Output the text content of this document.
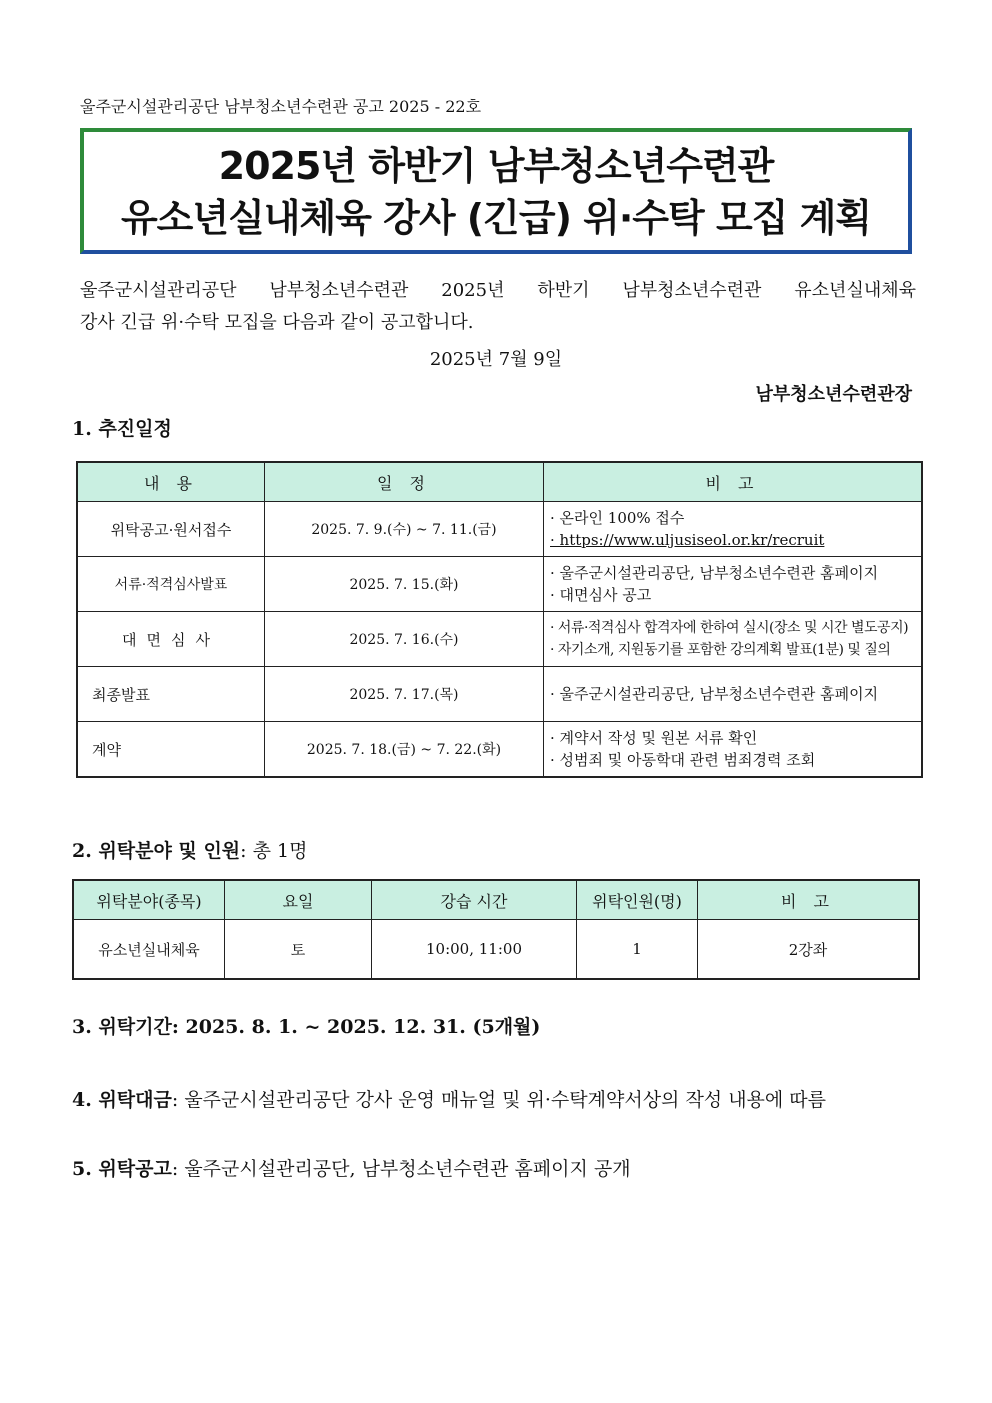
울주군시설관리공단 남부청소년수련관 공고 2025 - 22호
2025년 하반기 남부청소년수련관
유소년실내체육 강사 (긴급) 위·수탁 모집 계획
울주군시설관리공단 남부청소년수련관 2025년 하반기 남부청소년수련관 유소년실내체육
강사 긴급 위·수탁 모집을 다음과 같이 공고합니다.
2025년 7월 9일
남부청소년수련관장
1. 추진일정
내 용	일 정	비 고
위탁공고·원서접수	2025. 7. 9.(수) ~ 7. 11.(금)	· 온라인 100% 접수
· https://www.uljusiseol.or.kr/recruit

서류·적격심사발표	2025. 7. 15.(화)	· 울주군시설관리공단, 남부청소년수련관 홈페이지
· 대면심사 공고

대면심사	2025. 7. 16.(수)	· 서류·적격심사 합격자에 한하여 실시(장소 및 시간 별도공지)
· 자기소개, 지원동기를 포함한 강의계획 발표(1분) 및 질의

최종발표	2025. 7. 17.(목)	· 울주군시설관리공단, 남부청소년수련관 홈페이지

계약	2025. 7. 18.(금) ~ 7. 22.(화)	· 계약서 작성 및 원본 서류 확인
· 성범죄 및 아동학대 관련 범죄경력 조회
2. 위탁분야 및 인원: 총 1명
위탁분야(종목)	요일	강습 시간	위탁인원(명)	비 고
유소년실내체육	토	10:00, 11:00	1	2강좌
3. 위탁기간: 2025. 8. 1. ~ 2025. 12. 31. (5개월)
4. 위탁대금: 울주군시설관리공단 강사 운영 매뉴얼 및 위·수탁계약서상의 작성 내용에 따름
5. 위탁공고: 울주군시설관리공단, 남부청소년수련관 홈페이지 공개
